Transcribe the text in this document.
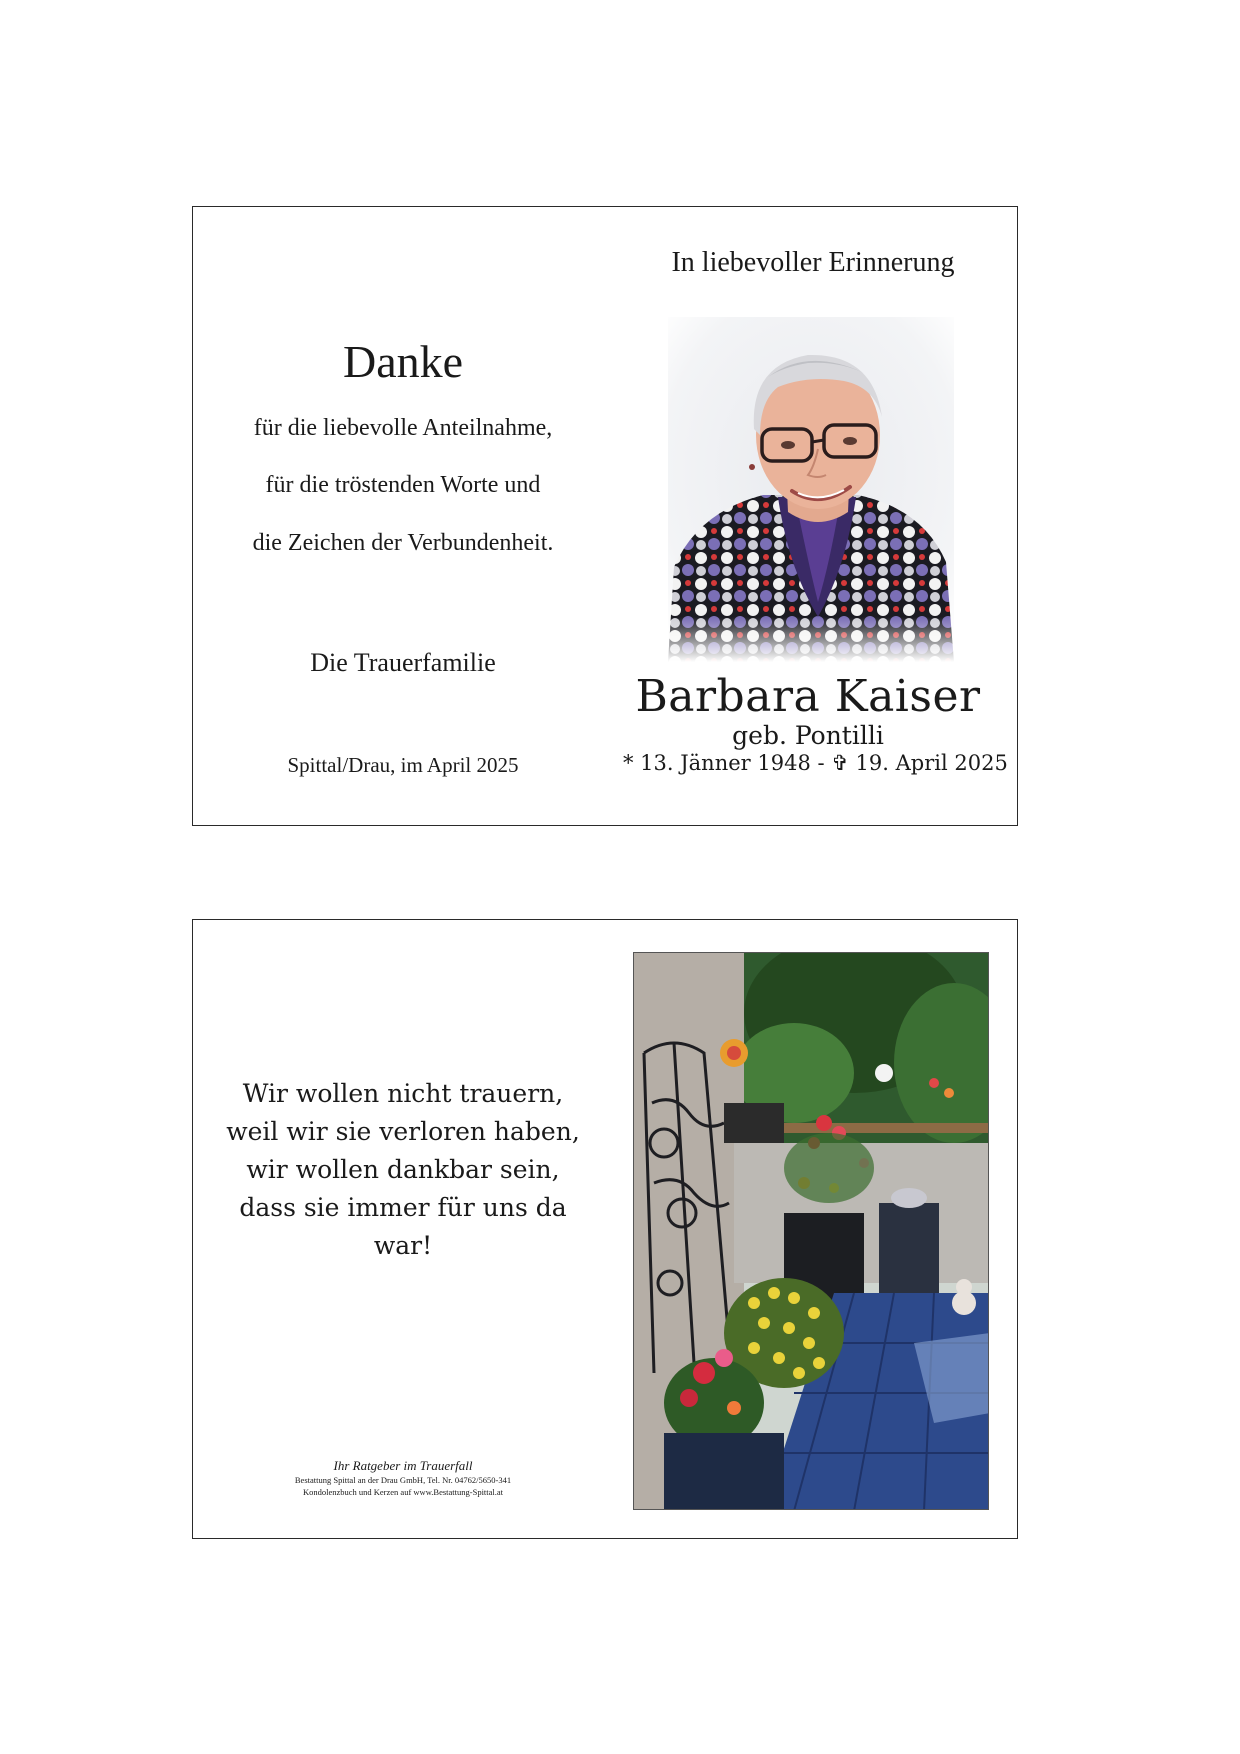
In liebevoller Erinnerung
Danke
für die liebevolle Anteilnahme,
für die tröstenden Worte und
die Zeichen der Verbundenheit.
Die Trauerfamilie
Spittal/Drau, im April 2025
Barbara Kaiser
geb. Pontilli
* 13. Jänner 1948 - ✞ 19. April 2025
Wir wollen nicht trauern,
weil wir sie verloren haben,
wir wollen dankbar sein,
dass sie immer für uns da war!
Ihr Ratgeber im Trauerfall
Bestattung Spittal an der Drau GmbH, Tel. Nr. 04762/5650-341
Kondolenzbuch und Kerzen auf www.Bestattung-Spittal.at
